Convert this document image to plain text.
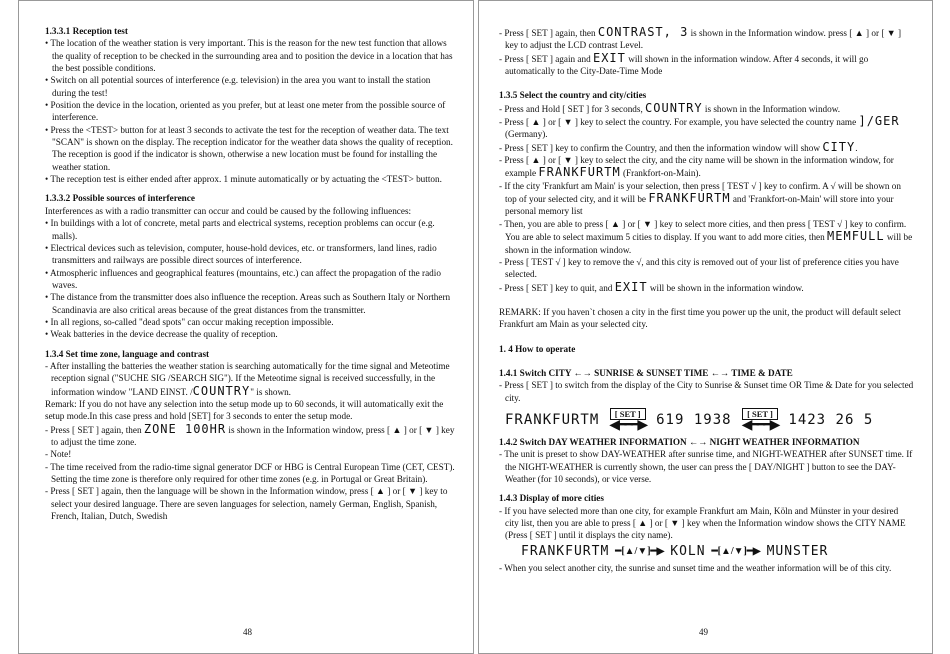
1.3.3.1 Reception test

• The location of the weather station is very important. This is the reason for the new test function that allows the quality of reception to be checked in the surrounding area and to position the device in a location that has the best possible conditions.

• Switch on all potential sources of interference (e.g. television) in the area you want to install the station during the test!

• Position the device in the location, oriented as you prefer, but at least one meter from the possible source of interference.

• Press the <TEST> button for at least 3 seconds to activate the test for the reception of weather data. The text "SCAN" is shown on the display. The reception indicator for the weather data shows the quality of reception. The reception is good if the indicator is shown, otherwise a new location must be found for installing the weather station.

• The reception test is either ended after approx. 1 minute automatically or by actuating the <TEST> button.

1.3.3.2 Possible sources of interference

Interferences as with a radio transmitter can occur and could be caused by the following influences:

• In buildings with a lot of concrete, metal parts and electrical systems, reception problems can occur (e.g. malls).

• Electrical devices such as television, computer, house-hold devices, etc. or transformers, land lines, radio transmitters and railways are possible direct sources of interference.

• Atmospheric influences and geographical features (mountains, etc.) can affect the propagation of the radio waves.

• The distance from the transmitter does also influence the reception. Areas such as Southern Italy or Northern Scandinavia are also critical areas because of the great distances from the transmitter.

• In all regions, so-called "dead spots" can occur making reception impossible.

• Weak batteries in the device decrease the quality of reception.

1.3.4 Set time zone, language and contrast

- After installing the batteries the weather station is searching automatically for the time signal and Meteotime reception signal ("SUCHE SIG /SEARCH SIG"). If the Meteotime signal is received successfully, in the information window "LAND EINST. /COUNTRY" is shown.

Remark: If you do not have any selection into the setup mode up to 60 seconds, it will automatically exit the setup mode.In this case press and hold [SET] for 3 seconds to enter the setup mode.

- Press [ SET ] again, then ZONE 100HR is shown in the Information window, press [ ▲ ] or [ ▼ ] key to adjust the time zone.

- Note!

- The time received from the radio-time signal generator DCF or HBG is Central European Time (CET, CEST). Setting the time zone is therefore only required for other time zones (e.g. in Portugal or Great Britain).

- Press [ SET ] again, then the language will be shown in the Information window, press [ ▲ ] or [ ▼ ] key to select your desired language. There are seven languages for selection, namely German, English, Spanish, French, Italian, Dutch, Swedish

48

- Press [ SET ] again, then CONTRAST, 3 is shown in the Information window. press [ ▲ ] or [ ▼ ] key to adjust the LCD contrast Level.

- Press [ SET ] again and EXIT will shown in the information window. After 4 seconds, it will go automatically to the City-Date-Time Mode

1.3.5 Select the country and city/cities

- Press and Hold [ SET ] for 3 seconds, COUNTRY is shown in the Information window.

- Press [ ▲ ] or [ ▼ ] key to select the country. For example, you have selected the country name ]/GER (Germany).

- Press [ SET ] key to confirm the Country, and then the information window will show CITY.

- Press [ ▲ ] or [ ▼ ] key to select the city, and the city name will be shown in the information window, for example FRANKFURTM (Frankfort-on-Main).

- If the city 'Frankfurt am Main' is your selection, then press [ TEST √ ] key to confirm. A √ will be shown on top of your selected city, and it will be FRANKFURTM and 'Frankfort-on-Main' will store into your personal memory list

- Then, you are able to press [ ▲ ] or [ ▼ ] key to select more cities, and then press [ TEST √ ] key to confirm. You are able to select maximum 5 cities to display. If you want to add more cities, then MEMFULL will be shown in the information window.

- Press [ TEST √ ] key to remove the √, and this city is removed out of your list of preference cities you have selected.

- Press [ SET ] key to quit, and EXIT will be shown in the information window.

REMARK: If you haven`t chosen a city in the first time you power up the unit, the product will default select Frankfurt am Main as your selected city.

1. 4 How to operate

1.4.1 Switch CITY ←→ SUNRISE & SUNSET TIME ←→ TIME & DATE

- Press [ SET ] to switch from the display of the City to Sunrise & Sunset time OR Time & Date for you selected city.

FRANKFURTM	[ SET ]
◀━━━▶ 619 1938	[ SET ]
◀━━━▶ 1423 26 5

1.4.2 Switch DAY WEATHER INFORMATION ←→ NIGHT WEATHER INFORMATION

- The unit is preset to show DAY-WEATHER after sunrise time, and NIGHT-WEATHER after SUNSET time. If the NIGHT-WEATHER is currently shown, the user can press the [ DAY/NIGHT ] button to see the DAY-Weather (for 10 seconds), or vice verse.

1.4.3 Display of more cities

- If you have selected more than one city, for example Frankfurt am Main, Köln and Münster in your desired city list, then you are able to press [ ▲ ] or [ ▼ ] key when the Information window shows the CITY NAME (Press [ SET ] until it displays the city name).

FRANKFURTM ━[▲/▼]━▶ KOLN ━[▲/▼]━▶ MUNSTER

- When you select another city, the sunrise and sunset time and the weather information will be of this city.

49
